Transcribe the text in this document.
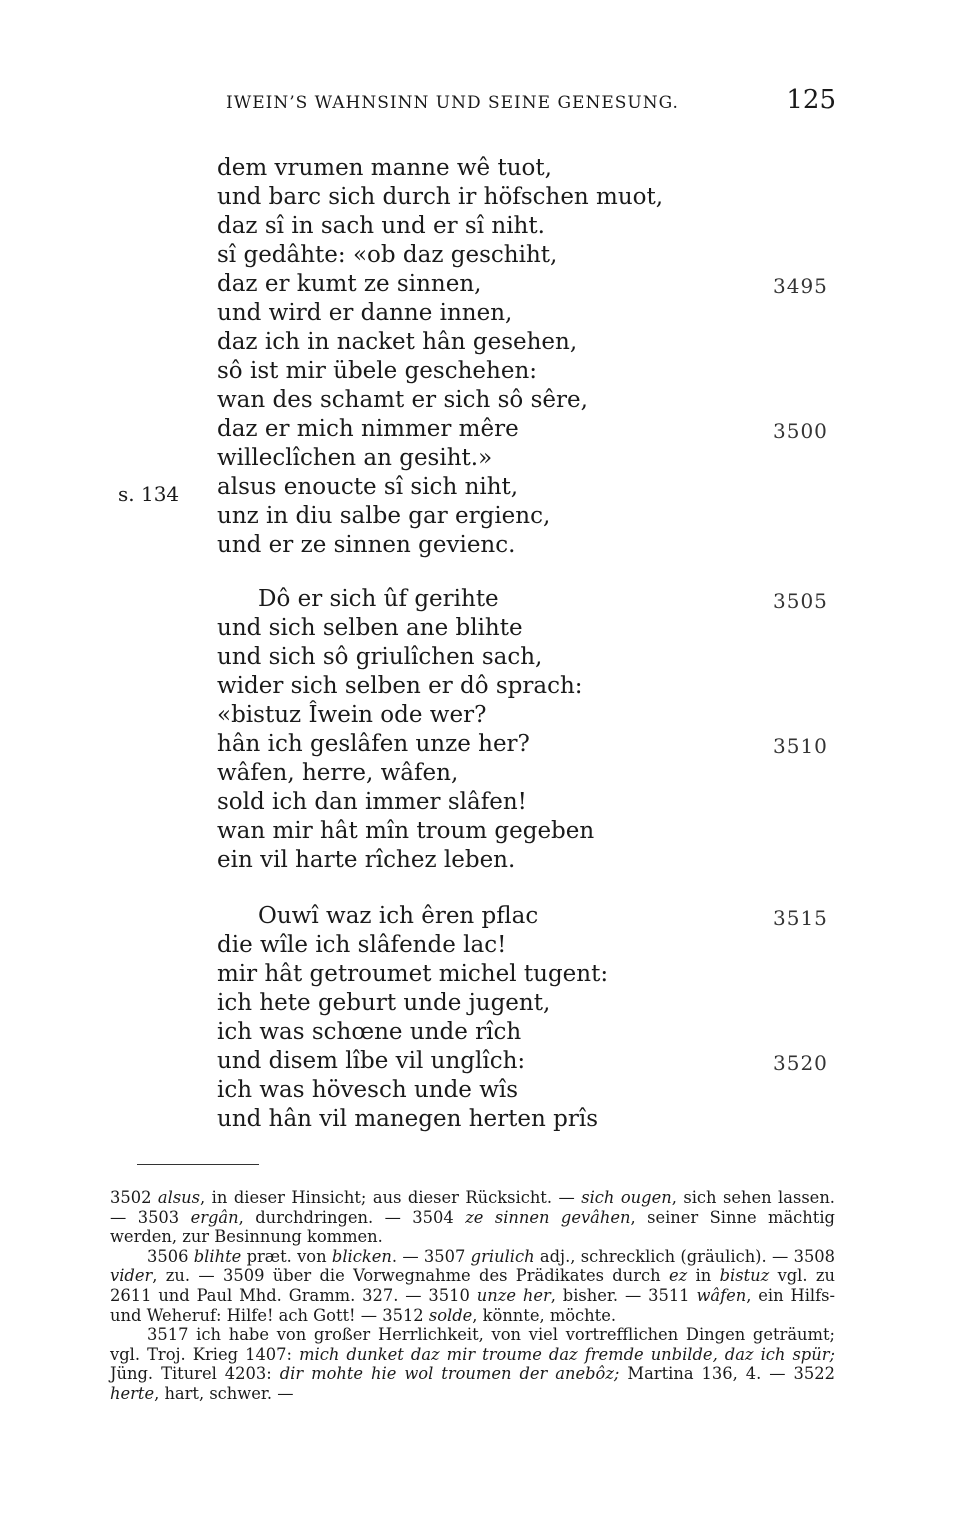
IWEIN’S WAHNSINN UND SEINE GENESUNG.	125
dem vrumen manne wê tuot,
und barc sich durch ir höfschen muot,
daz sî in sach und er sî niht.
sî gedâhte: «ob daz geschiht,
daz er kumt ze sinnen,
und wird er danne innen,
daz ich in nacket hân gesehen,
sô ist mir übele geschehen:
wan des schamt er sich sô sêre,
daz er mich nimmer mêre
willeclîchen an gesiht.»
alsus enoucte sî sich niht,
unz in diu salbe gar ergienc,
und er ze sinnen gevienc.
Dô er sich ûf gerihte
und sich selben ane blihte
und sich sô griulîchen sach,
wider sich selben er dô sprach:
«bistuz Îwein ode wer?
hân ich geslâfen unze her?
wâfen, herre, wâfen,
sold ich dan immer slâfen!
wan mir hât mîn troum gegeben
ein vil harte rîchez leben.
Ouwî waz ich êren pflac
die wîle ich slâfende lac!
mir hât getroumet michel tugent:
ich hete geburt unde jugent,
ich was schœne unde rîch
und disem lîbe vil unglîch:
ich was hövesch unde wîs
und hân vil manegen herten prîs
3495
3500
3505
3510
3515
3520
s. 134

3502 alsus, in dieser Hinsicht; aus dieser Rücksicht. — sich ougen, sich sehen lassen. — 3503 ergân, durchdringen. — 3504 ze sinnen gevâhen, seiner Sinne mächtig werden, zur Besinnung kommen.

3506 blihte præt. von blicken. — 3507 griulich adj., schrecklich (gräulich). — 3508 vider, zu. — 3509 über die Vorwegnahme des Prädikates durch ez in bistuz vgl. zu 2611 und Paul Mhd. Gramm. 327. — 3510 unze her, bisher. — 3511 wâfen, ein Hilfs- und Weheruf: Hilfe! ach Gott! — 3512 solde, könnte, möchte.

3517 ich habe von großer Herrlichkeit, von viel vortrefflichen Dingen geträumt; vgl. Troj. Krieg 1407: mich dunket daz mir troume daz fremde unbilde, daz ich spür; Jüng. Titurel 4203: dir mohte hie wol troumen der anebôz; Martina 136, 4. — 3522 herte, hart, schwer. —
